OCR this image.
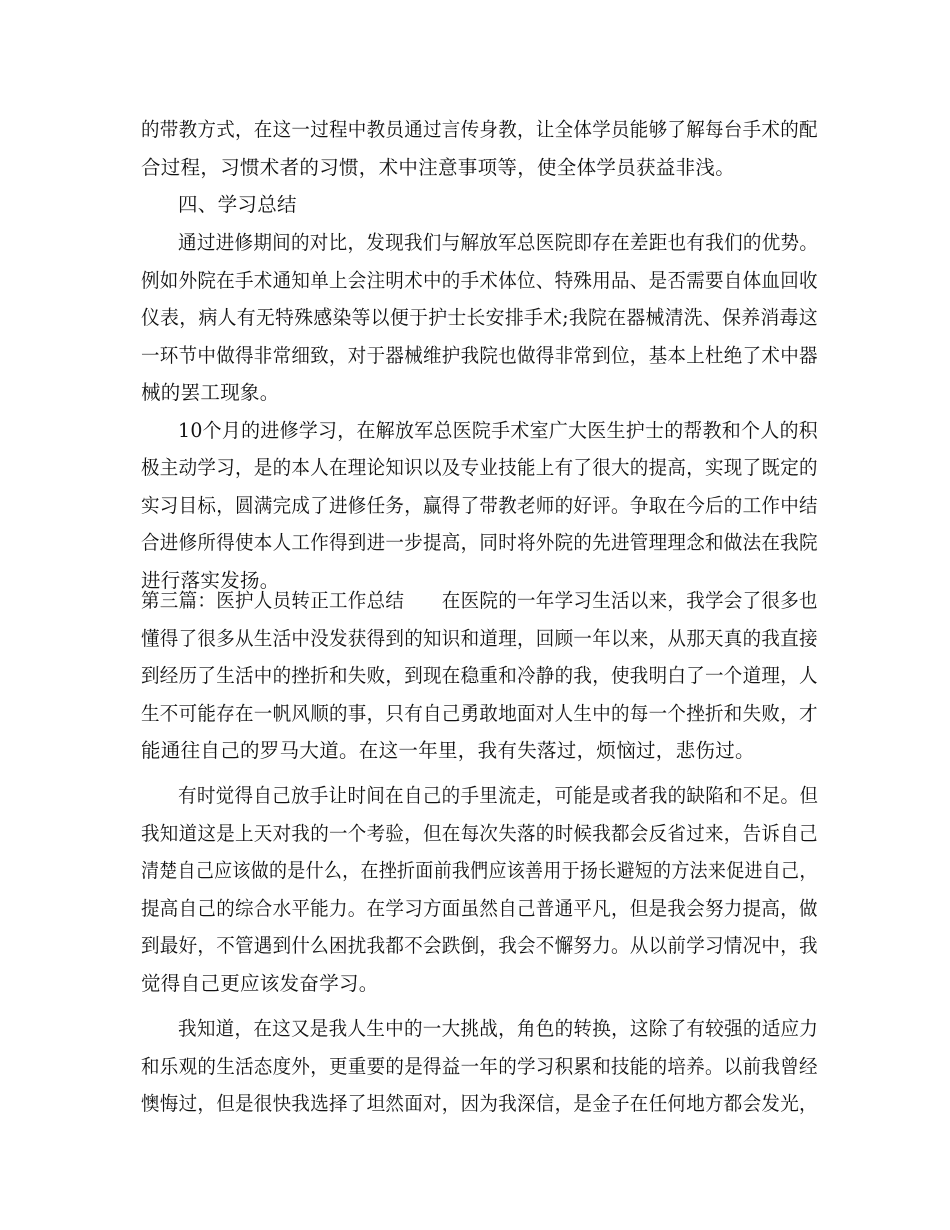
的带教方式，在这一过程中教员通过言传身教，让全体学员能够了解每台手术的配
合过程，习惯术者的习惯，术中注意事项等，使全体学员获益非浅。
四、学习总结
通过进修期间的对比，发现我们与解放军总医院即存在差距也有我们的优势。
例如外院在手术通知单上会注明术中的手术体位、特殊用品、是否需要自体血回收
仪表，病人有无特殊感染等以便于护士长安排手术;我院在器械清洗、保养消毒这
一环节中做得非常细致，对于器械维护我院也做得非常到位，基本上杜绝了术中器
械的罢工现象。
10个月的进修学习，在解放军总医院手术室广大医生护士的帮教和个人的积
极主动学习，是的本人在理论知识以及专业技能上有了很大的提高，实现了既定的
实习目标，圆满完成了进修任务，赢得了带教老师的好评。争取在今后的工作中结
合进修所得使本人工作得到进一步提高，同时将外院的先进管理理念和做法在我院
进行落实发扬。
第三篇：医护人员转正工作总结　　在医院的一年学习生活以来，我学会了很多也
懂得了很多从生活中没发获得到的知识和道理，回顾一年以来，从那天真的我直接
到经历了生活中的挫折和失败，到现在稳重和冷静的我，使我明白了一个道理，人
生不可能存在一帆风顺的事，只有自己勇敢地面对人生中的每一个挫折和失败，才
能通往自己的罗马大道。在这一年里，我有失落过，烦恼过，悲伤过。
有时觉得自己放手让时间在自己的手里流走，可能是或者我的缺陷和不足。但
我知道这是上天对我的一个考验，但在每次失落的时候我都会反省过来，告诉自己
清楚自己应该做的是什么，在挫折面前我們应该善用于扬长避短的方法来促进自己，
提高自己的综合水平能力。在学习方面虽然自己普通平凡，但是我会努力提高，做
到最好，不管遇到什么困扰我都不会跌倒，我会不懈努力。从以前学习情况中，我
觉得自己更应该发奋学习。
我知道，在这又是我人生中的一大挑战，角色的转换，这除了有较强的适应力
和乐观的生活态度外，更重要的是得益一年的学习积累和技能的培养。以前我曾经
懊悔过，但是很快我选择了坦然面对，因为我深信，是金子在任何地方都会发光，
